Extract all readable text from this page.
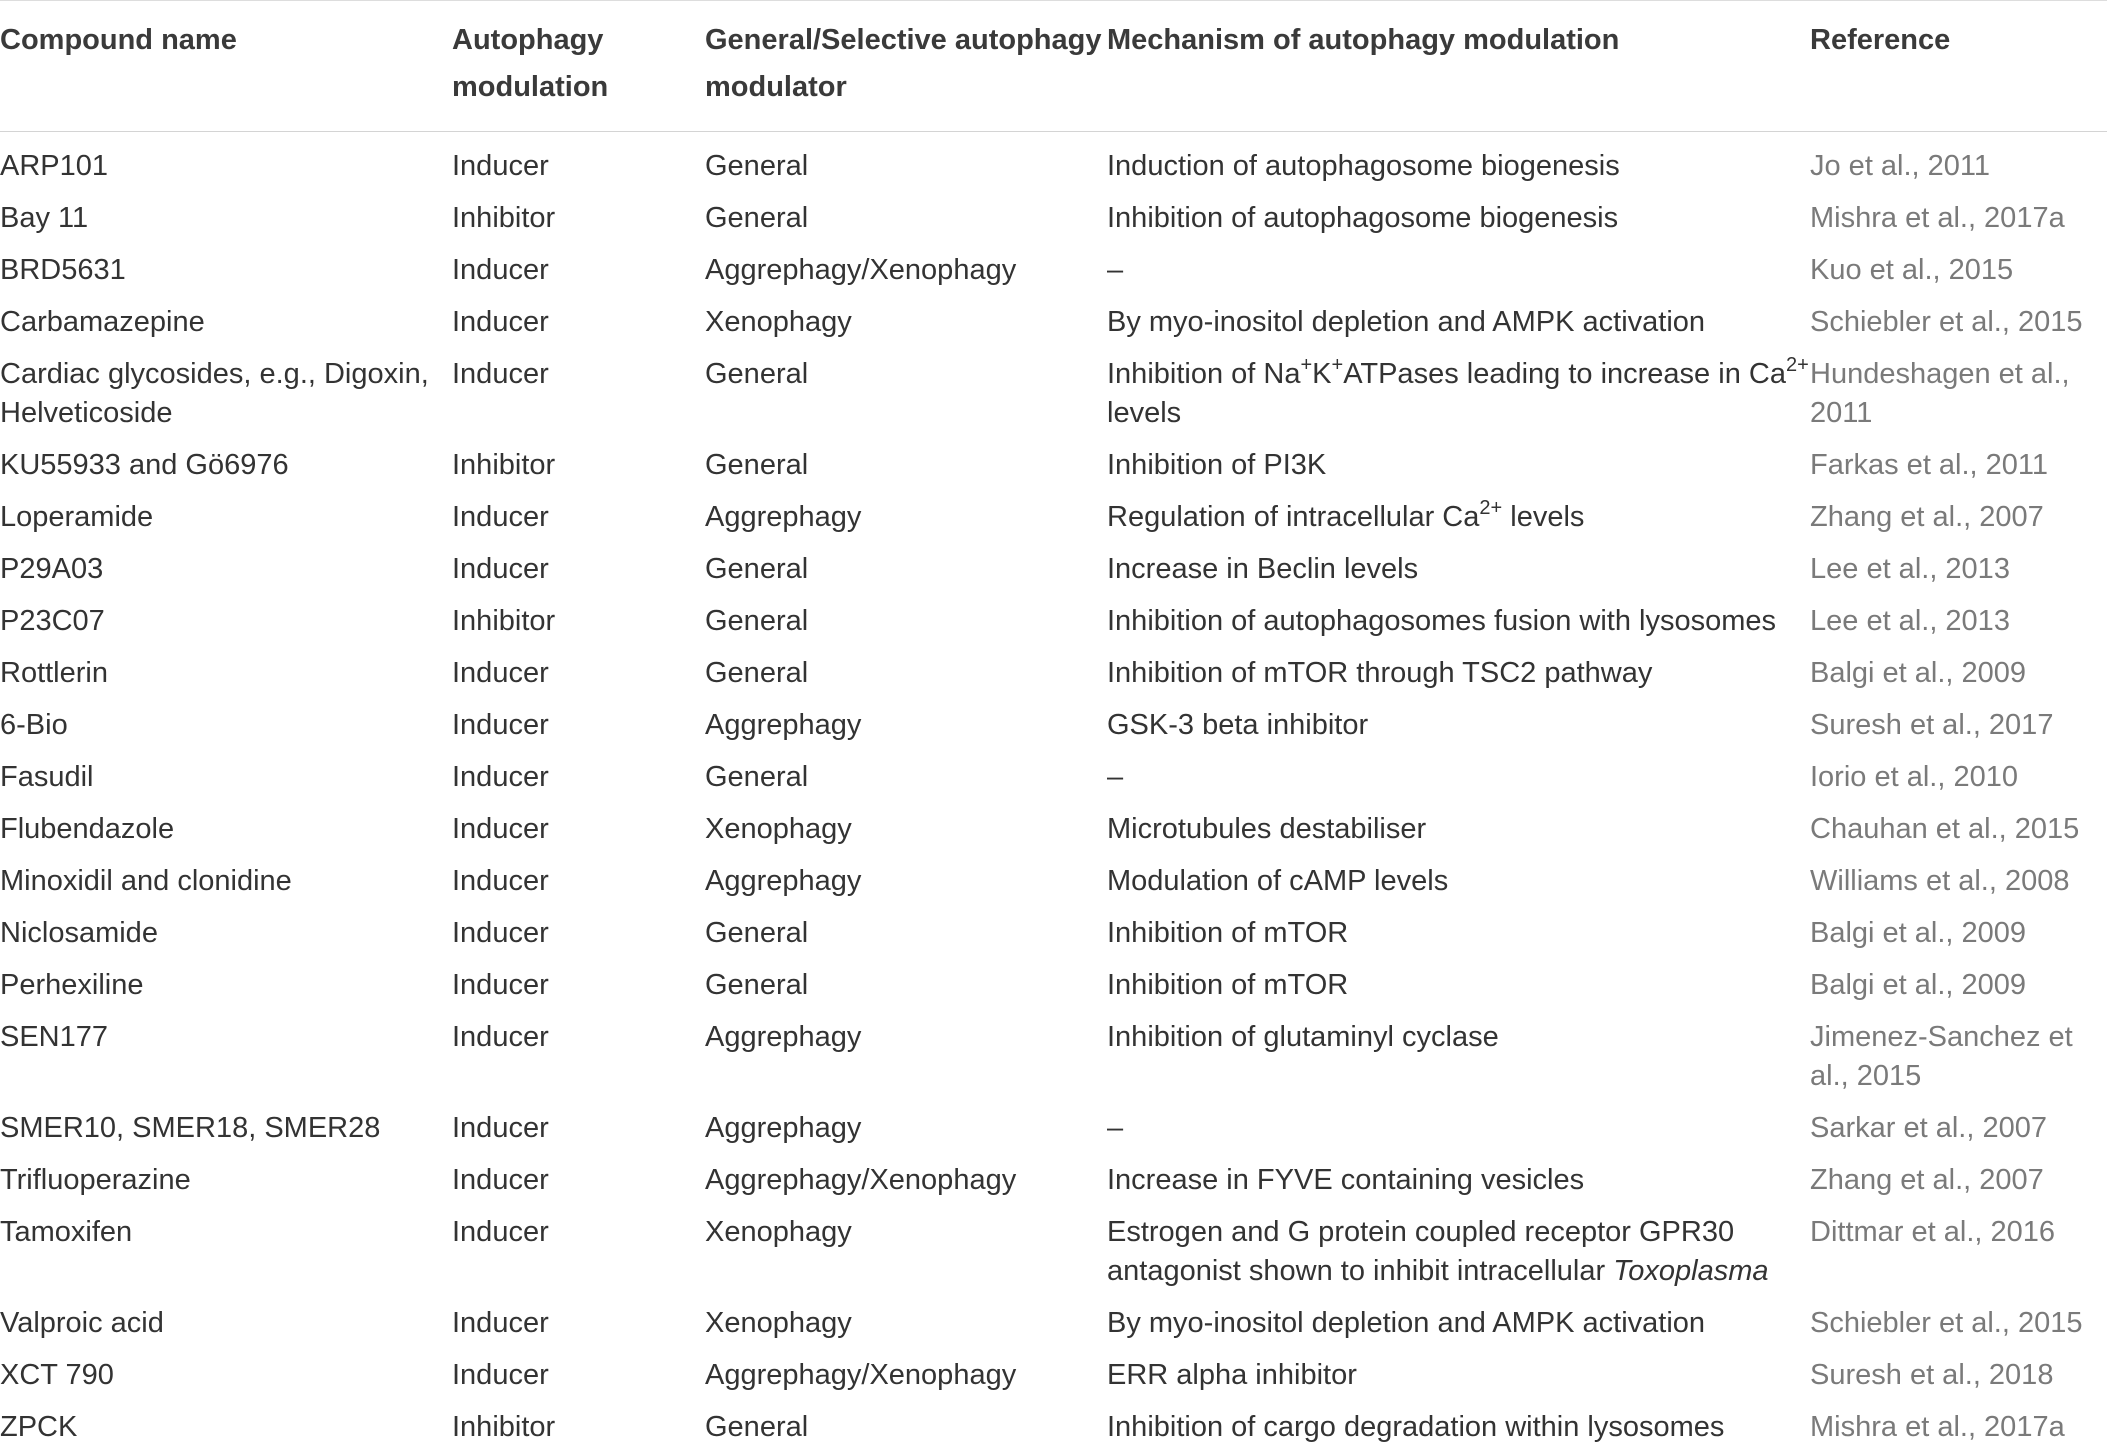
Compound name	Autophagy modulation	General/Selective autophagy modulator	Mechanism of autophagy modulation	Reference
ARP101	Inducer	General	Induction of autophagosome biogenesis	Jo et al., 2011
Bay 11	Inhibitor	General	Inhibition of autophagosome biogenesis	Mishra et al., 2017a
BRD5631	Inducer	Aggrephagy/Xenophagy	–	Kuo et al., 2015
Carbamazepine	Inducer	Xenophagy	By myo-inositol depletion and AMPK activation	Schiebler et al., 2015
Cardiac glycosides, e.g., Digoxin, Helveticoside	Inducer	General	Inhibition of Na+K+ATPases leading to increase in $Ca^{2+}$ levels	Hundeshagen et al., 2011
KU55933 and Gö6976	Inhibitor	General	Inhibition of PI3K	Farkas et al., 2011
Loperamide	Inducer	Aggrephagy	Regulation of intracellular $Ca^{2+}$ levels	Zhang et al., 2007
P29A03	Inducer	General	Increase in Beclin levels	Lee et al., 2013
P23C07	Inhibitor	General	Inhibition of autophagosomes fusion with lysosomes	Lee et al., 2013
Rottlerin	Inducer	General	Inhibition of mTOR through TSC2 pathway	Balgi et al., 2009
6-Bio	Inducer	Aggrephagy	GSK-3 beta inhibitor	Suresh et al., 2017
Fasudil	Inducer	General	–	Iorio et al., 2010
Flubendazole	Inducer	Xenophagy	Microtubules destabiliser	Chauhan et al., 2015
Minoxidil and clonidine	Inducer	Aggrephagy	Modulation of cAMP levels	Williams et al., 2008
Niclosamide	Inducer	General	Inhibition of mTOR	Balgi et al., 2009
Perhexiline	Inducer	General	Inhibition of mTOR	Balgi et al., 2009
SEN177	Inducer	Aggrephagy	Inhibition of glutaminyl cyclase	Jimenez-Sanchez et al., 2015
SMER10, SMER18, SMER28	Inducer	Aggrephagy	–	Sarkar et al., 2007
Trifluoperazine	Inducer	Aggrephagy/Xenophagy	Increase in FYVE containing vesicles	Zhang et al., 2007
Tamoxifen	Inducer	Xenophagy	Estrogen and G protein coupled receptor GPR30 antagonist shown to inhibit intracellular Toxoplasma	Dittmar et al., 2016
Valproic acid	Inducer	Xenophagy	By myo-inositol depletion and AMPK activation	Schiebler et al., 2015
XCT 790	Inducer	Aggrephagy/Xenophagy	ERR alpha inhibitor	Suresh et al., 2018
ZPCK	Inhibitor	General	Inhibition of cargo degradation within lysosomes	Mishra et al., 2017a
